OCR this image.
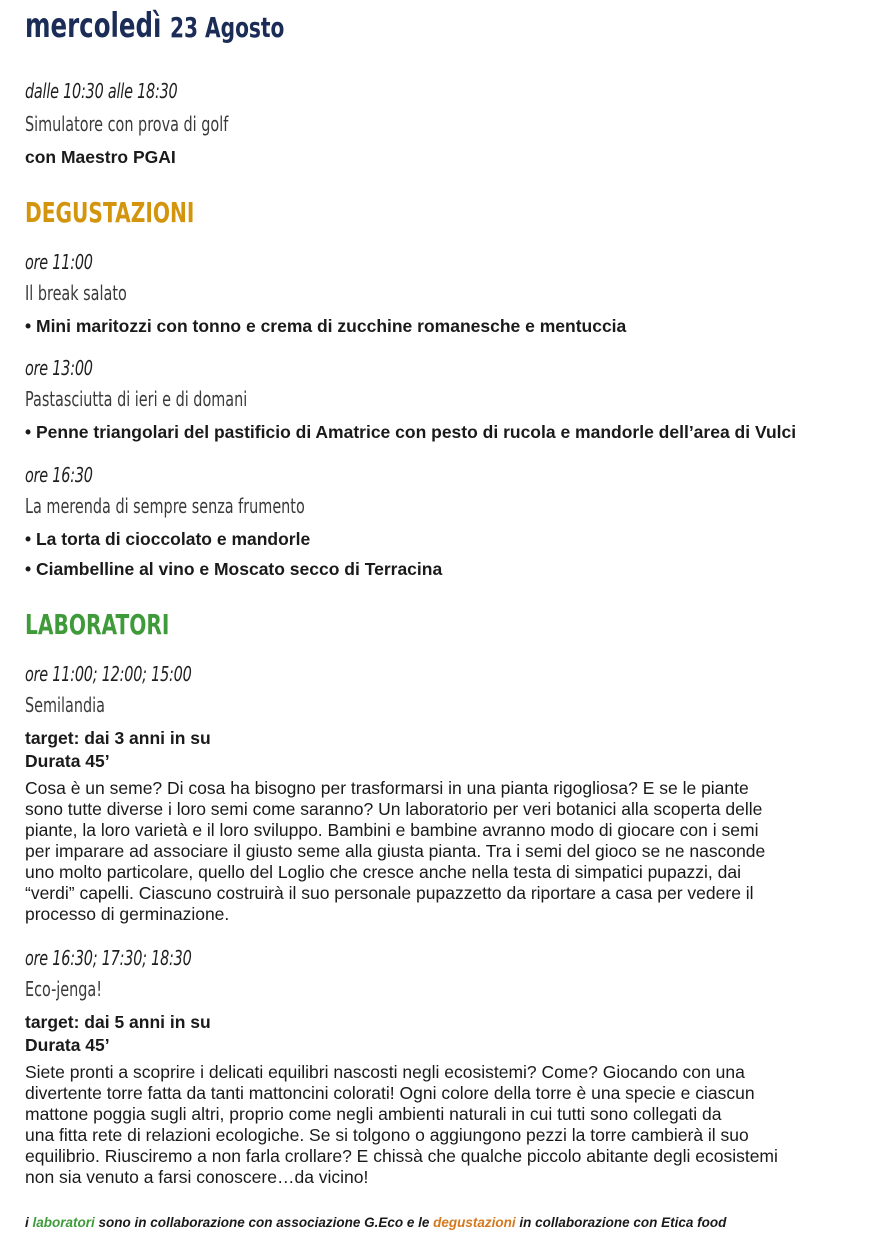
mercoledì 23 Agosto
dalle 10:30 alle 18:30
Simulatore con prova di golf
con Maestro PGAI
DEGUSTAZIONI
ore 11:00
Il break salato
• Mini maritozzi con tonno e crema di zucchine romanesche e mentuccia
ore 13:00
Pastasciutta di ieri e di domani
• Penne triangolari del pastificio di Amatrice con pesto di rucola e mandorle dell’area di Vulci
ore 16:30
La merenda di sempre senza frumento
• La torta di cioccolato e mandorle
• Ciambelline al vino e Moscato secco di Terracina
LABORATORI
ore 11:00; 12:00; 15:00
Semilandia
target: dai 3 anni in su
Durata 45’
Cosa è un seme? Di cosa ha bisogno per trasformarsi in una pianta rigogliosa? E se le piante
sono tutte diverse i loro semi come saranno? Un laboratorio per veri botanici alla scoperta delle
piante, la loro varietà e il loro sviluppo. Bambini e bambine avranno modo di giocare con i semi
per imparare ad associare il giusto seme alla giusta pianta. Tra i semi del gioco se ne nasconde
uno molto particolare, quello del Loglio che cresce anche nella testa di simpatici pupazzi, dai
“verdi” capelli. Ciascuno costruirà il suo personale pupazzetto da riportare a casa per vedere il
processo di germinazione.
ore 16:30; 17:30; 18:30
Eco-jenga!
target: dai 5 anni in su
Durata 45’
Siete pronti a scoprire i delicati equilibri nascosti negli ecosistemi? Come? Giocando con una
divertente torre fatta da tanti mattoncini colorati! Ogni colore della torre è una specie e ciascun
mattone poggia sugli altri, proprio come negli ambienti naturali in cui tutti sono collegati da
una fitta rete di relazioni ecologiche. Se si tolgono o aggiungono pezzi la torre cambierà il suo
equilibrio. Riusciremo a non farla crollare? E chissà che qualche piccolo abitante degli ecosistemi
non sia venuto a farsi conoscere…da vicino!
i laboratori sono in collaborazione con associazione G.Eco e le degustazioni in collaborazione con Etica food
